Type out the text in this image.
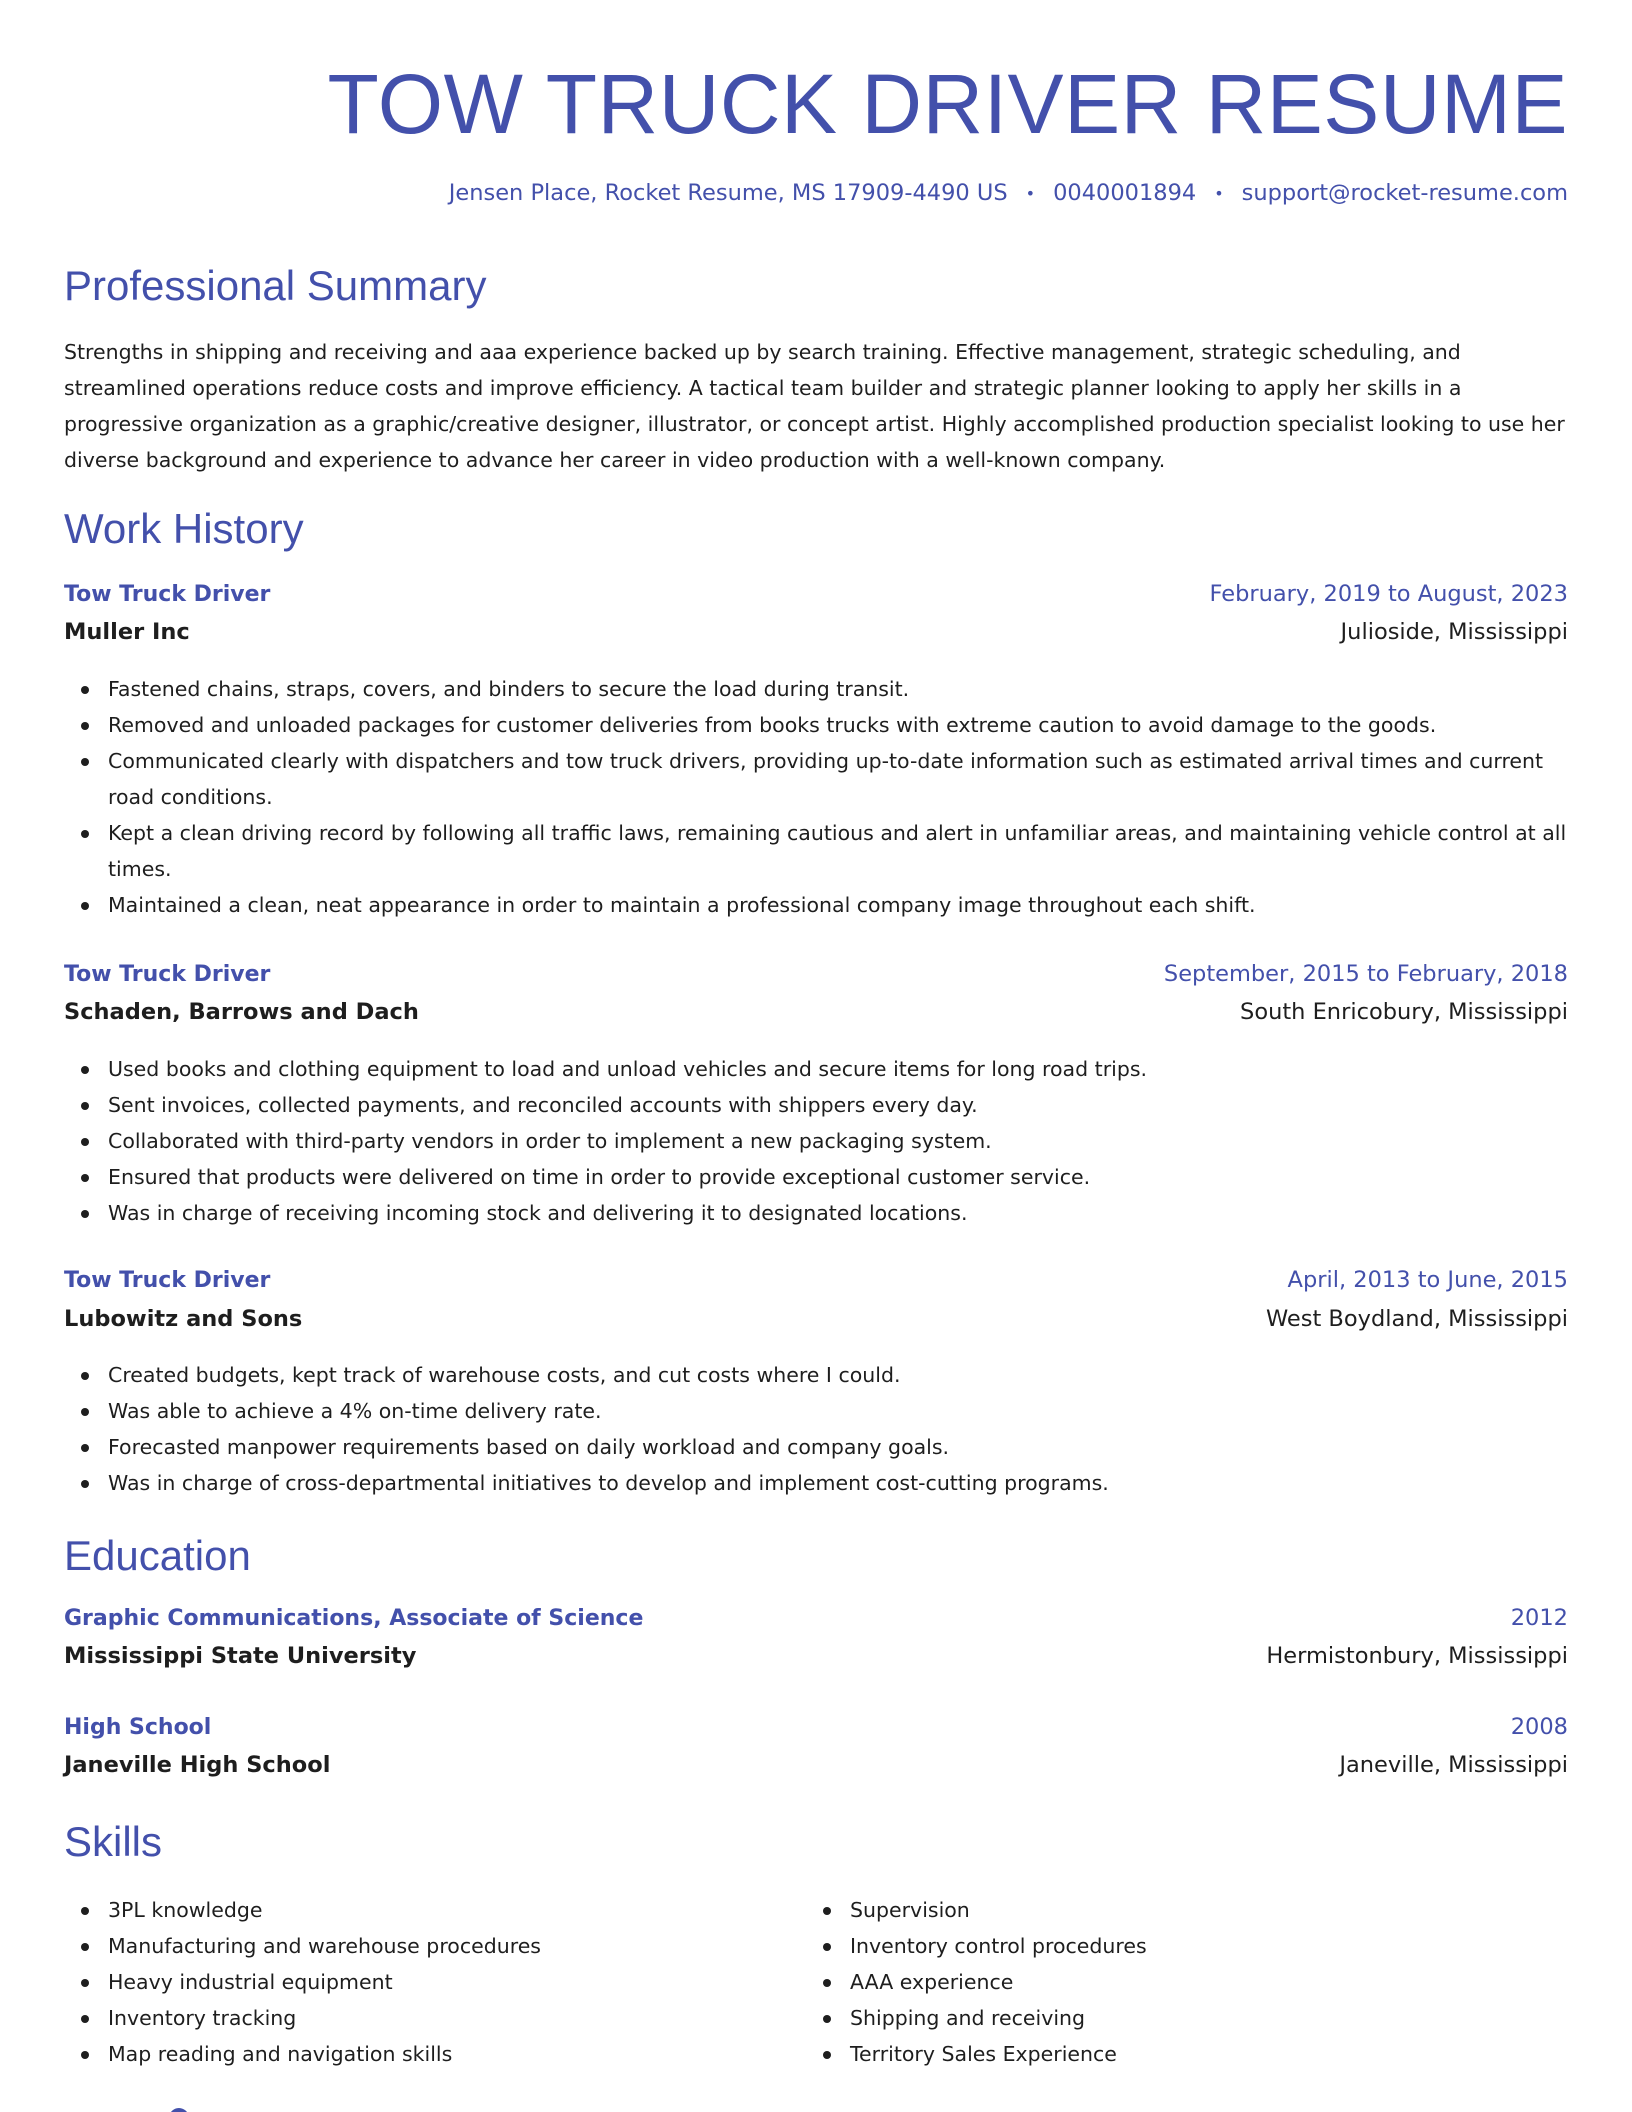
TOW TRUCK DRIVER RESUME
Jensen Place, Rocket Resume, MS 17909-4490 US • 0040001894 • support@rocket-resume.com
Professional Summary
Strengths in shipping and receiving and aaa experience backed up by search training. Effective management, strategic scheduling, and streamlined operations reduce costs and improve efficiency. A tactical team builder and strategic planner looking to apply her skills in a progressive organization as a graphic/creative designer, illustrator, or concept artist. Highly accomplished production specialist looking to use her diverse background and experience to advance her career in video production with a well-known company.
Work History
Tow Truck Driver	February, 2019 to August, 2023
Muller Inc	Julioside, Mississippi
Fastened chains, straps, covers, and binders to secure the load during transit.
Removed and unloaded packages for customer deliveries from books trucks with extreme caution to avoid damage to the goods.
Communicated clearly with dispatchers and tow truck drivers, providing up-to-date information such as estimated arrival times and current road conditions.
Kept a clean driving record by following all traffic laws, remaining cautious and alert in unfamiliar areas, and maintaining vehicle control at all times.
Maintained a clean, neat appearance in order to maintain a professional company image throughout each shift.
Tow Truck Driver	September, 2015 to February, 2018
Schaden, Barrows and Dach	South Enricobury, Mississippi
Used books and clothing equipment to load and unload vehicles and secure items for long road trips.
Sent invoices, collected payments, and reconciled accounts with shippers every day.
Collaborated with third-party vendors in order to implement a new packaging system.
Ensured that products were delivered on time in order to provide exceptional customer service.
Was in charge of receiving incoming stock and delivering it to designated locations.
Tow Truck Driver	April, 2013 to June, 2015
Lubowitz and Sons	West Boydland, Mississippi
Created budgets, kept track of warehouse costs, and cut costs where I could.
Was able to achieve a 4% on-time delivery rate.
Forecasted manpower requirements based on daily workload and company goals.
Was in charge of cross-departmental initiatives to develop and implement cost-cutting programs.
Education
Graphic Communications, Associate of Science	2012
Mississippi State University	Hermistonbury, Mississippi
High School	2008
Janeville High School	Janeville, Mississippi
Skills
3PL knowledge
Manufacturing and warehouse procedures
Heavy industrial equipment
Inventory tracking
Map reading and navigation skills
Supervision
Inventory control procedures
AAA experience
Shipping and receiving
Territory Sales Experience
